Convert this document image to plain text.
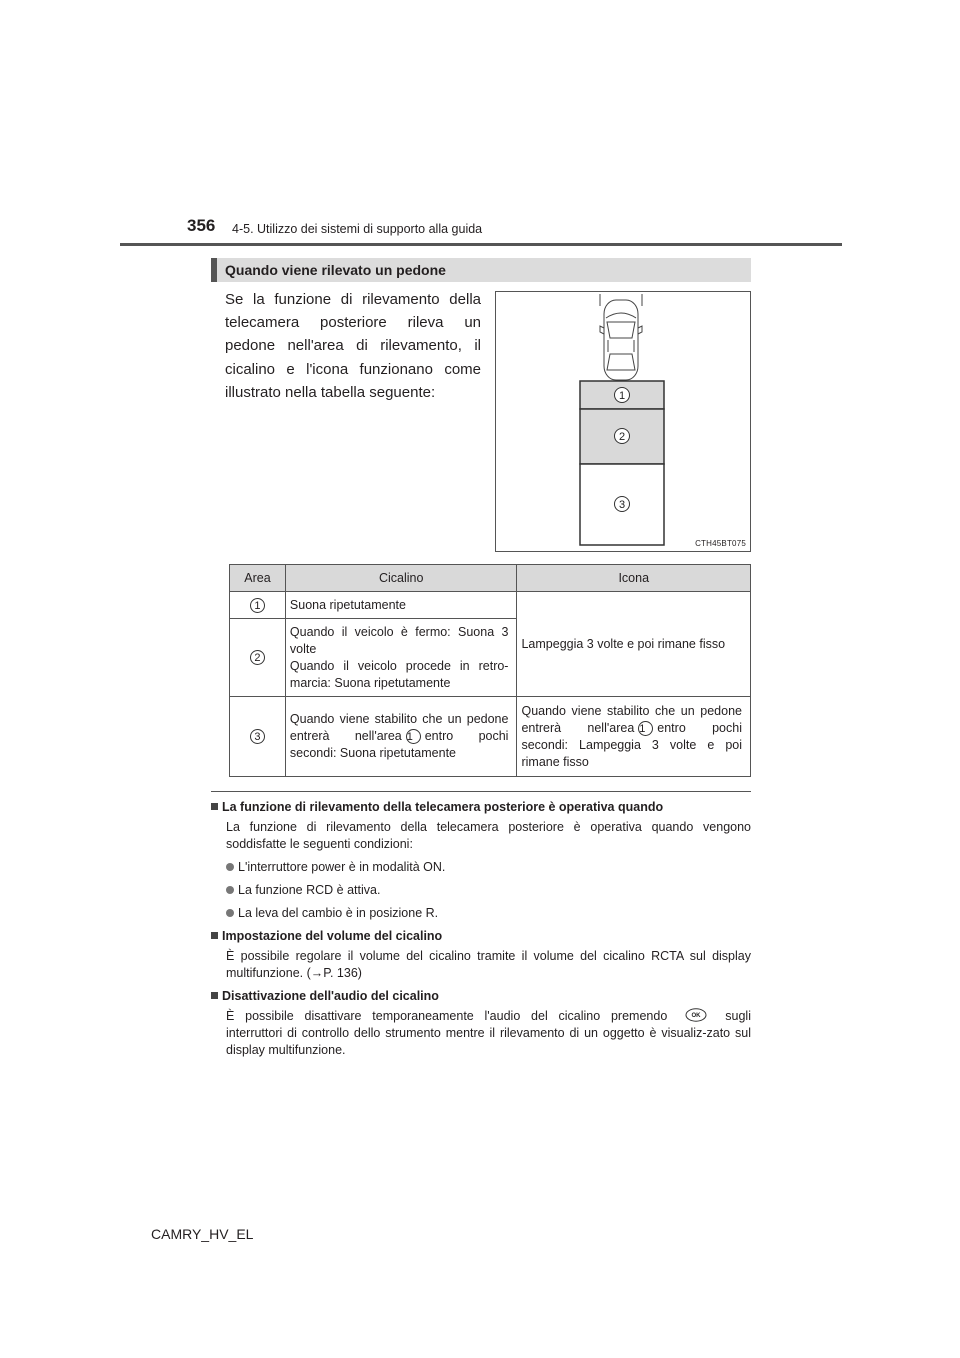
356 4-5. Utilizzo dei sistemi di supporto alla guida
Quando viene rilevato un pedone
Se la funzione di rilevamento della telecamera posteriore rileva un pedone nell'area di rilevamento, il cicalino e l'icona funzionano come illustrato nella tabella seguente:	1
2
3
CTH45BT075
Area	Cicalino	Icona
1	Suona ripetutamente	Lampeggia 3 volte e poi rimane fisso
2	Quando il veicolo è fermo: Suona 3 volte
Quando il veicolo procede in retro-marcia: Suona ripetutamente	

3	Quando viene stabilito che un pedone entrerà nell'area 1 entro pochi secondi: Suona ripetutamente	Quando viene stabilito che un pedone entrerà nell'area 1 entro pochi secondi: Lampeggia 3 volte e poi rimane fisso
La funzione di rilevamento della telecamera posteriore è operativa quando
La funzione di rilevamento della telecamera posteriore è operativa quando vengono soddisfatte le seguenti condizioni:
L'interruttore power è in modalità ON.
La funzione RCD è attiva.
La leva del cambio è in posizione R.
Impostazione del volume del cicalino
È possibile regolare il volume del cicalino tramite il volume del cicalino RCTA sul display multifunzione. (→P. 136)
Disattivazione dell'audio del cicalino
È possibile disattivare temporaneamente l'audio del cicalino premendo	OK sugli interruttori di controllo dello strumento mentre il rilevamento di un oggetto è visualiz-zato sul display multifunzione.
CAMRY_HV_EL
